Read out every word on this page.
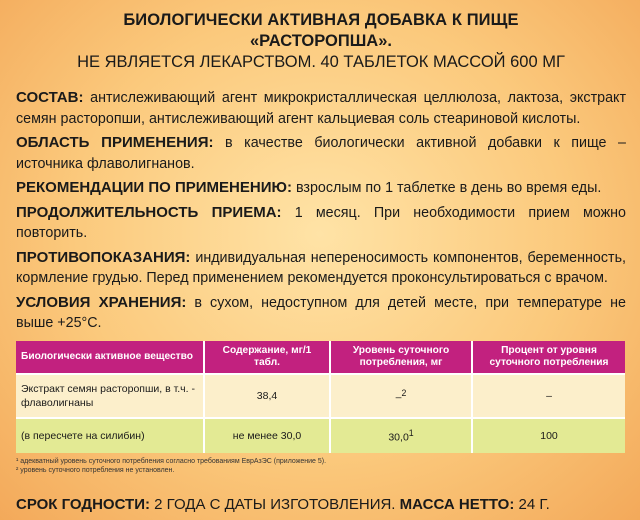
БИОЛОГИЧЕСКИ АКТИВНАЯ ДОБАВКА К ПИЩЕ
«РАСТОРОПША».
НЕ ЯВЛЯЕТСЯ ЛЕКАРСТВОМ. 40 ТАБЛЕТОК МАССОЙ 600 МГ

СОСТАВ: антислеживающий агент микрокристаллическая целлюлоза, лактоза, экстракт семян расторопши, антислеживающий агент кальциевая соль стеариновой кислоты.

ОБЛАСТЬ ПРИМЕНЕНИЯ: в качестве биологически активной добавки к пище – источника флаволигнанов.

РЕКОМЕНДАЦИИ ПО ПРИМЕНЕНИЮ: взрослым по 1 таблетке в день во время еды.

ПРОДОЛЖИТЕЛЬНОСТЬ ПРИЕМА: 1 месяц. При необходимости прием можно повторить.

ПРОТИВОПОКАЗАНИЯ: индивидуальная непереносимость компонентов, беременность, кормление грудью. Перед применением рекомендуется проконсультироваться с врачом.

УСЛОВИЯ ХРАНЕНИЯ: в сухом, недоступном для детей месте, при температуре не выше +25°С.

Биологически активное вещество	Содержание, мг/1 табл.	Уровень суточного потребления, мг	Процент от уровня суточного потребления
Экстракт семян расторопши, в т.ч. - флаволигнаны	38,4	–$^2$	–
(в пересчете на силибин)	не менее 30,0	30,0$^1$	100
¹ адекватный уровень суточного потребления согласно требованиям ЕврАзЭС (приложение 5).
² уровень суточного потребления не установлен.
СРОК ГОДНОСТИ: 2 ГОДА С ДАТЫ ИЗГОТОВЛЕНИЯ. МАССА НЕТТО: 24 Г.
